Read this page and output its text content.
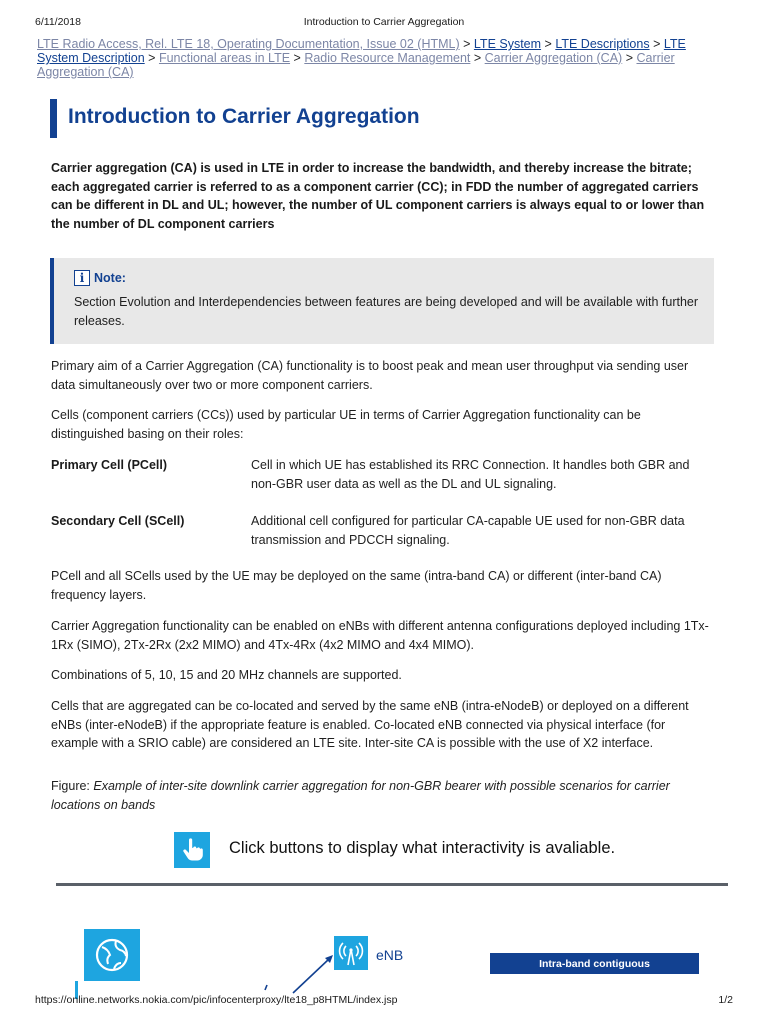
6/11/2018	Introduction to Carrier Aggregation
LTE Radio Access, Rel. LTE 18, Operating Documentation, Issue 02 (HTML) > LTE System > LTE Descriptions > LTE System Description > Functional areas in LTE > Radio Resource Management > Carrier Aggregation (CA) > Carrier Aggregation (CA)
Introduction to Carrier Aggregation

Carrier aggregation (CA) is used in LTE in order to increase the bandwidth, and thereby increase the bitrate; each aggregated carrier is referred to as a component carrier (CC); in FDD the number of aggregated carriers can be different in DL and UL; however, the number of UL component carriers is always equal to or lower than the number of DL component carriers

i Note:

Section Evolution and Interdependencies between features are being developed and will be available with further releases.

Primary aim of a Carrier Aggregation (CA) functionality is to boost peak and mean user throughput via sending user data simultaneously over two or more component carriers.

Cells (component carriers (CCs)) used by particular UE in terms of Carrier Aggregation functionality can be distinguished basing on their roles:

Primary Cell (PCell)	Cell in which UE has established its RRC Connection. It handles both GBR and non-GBR user data as well as the DL and UL signaling.
Secondary Cell (SCell)	Additional cell configured for particular CA-capable UE used for non-GBR data transmission and PDCCH signaling.

PCell and all SCells used by the UE may be deployed on the same (intra-band CA) or different (inter-band CA) frequency layers.

Carrier Aggregation functionality can be enabled on eNBs with different antenna configurations deployed including 1Tx-1Rx (SIMO), 2Tx-2Rx (2x2 MIMO) and 4Tx-4Rx (4x2 MIMO and 4x4 MIMO).

Combinations of 5, 10, 15 and 20 MHz channels are supported.

Cells that are aggregated can be co-located and served by the same eNB (intra-eNodeB) or deployed on a different eNBs (inter-eNodeB) if the appropriate feature is enabled. Co-located eNB connected via physical interface (for example with a SRIO cable) are considered an LTE site. Inter-site CA is possible with the use of X2 interface.

Figure: Example of inter-site downlink carrier aggregation for non-GBR bearer with possible scenarios for carrier locations on bands
Click buttons to display what interactivity is avaliable.
eNB
Intra-band contiguous
https://online.networks.nokia.com/pic/infocenterproxy/lte18_p8HTML/index.jsp	1/2
